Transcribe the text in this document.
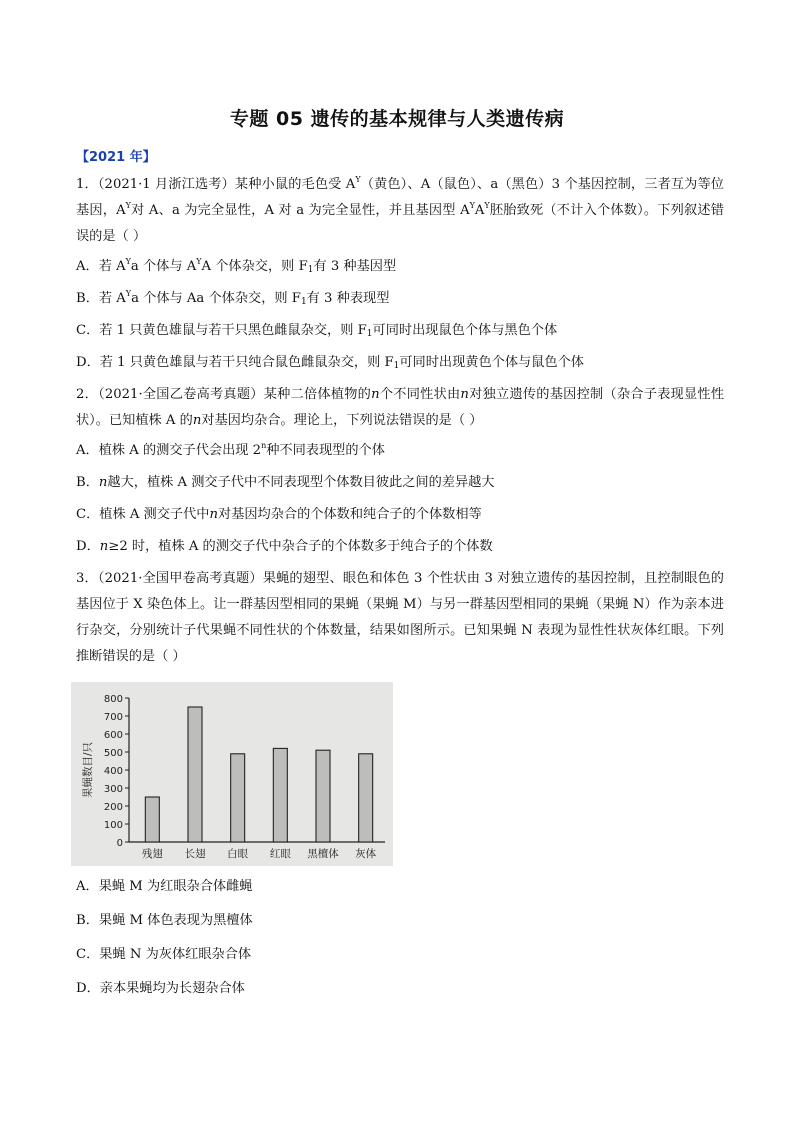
专题 05 遗传的基本规律与人类遗传病
【2021 年】

1．（2021·1 月浙江选考）某种小鼠的毛色受 $A^Y$（黄色）、A（鼠色）、a（黑色）3 个基因控制，三者互为等位基因，$A^Y$对 A、a 为完全显性，A 对 a 为完全显性，并且基因型 $A^YA^Y$胚胎致死（不计入个体数）。下列叙述错误的是（ ）

A．若 $A^Ya$ 个体与 $A^YA$ 个体杂交，则 $F_1$有 3 种基因型

B．若 $A^Ya$ 个体与 Aa 个体杂交，则 $F_1$有 3 种表现型

C．若 1 只黄色雄鼠与若干只黑色雌鼠杂交，则 $F_1$可同时出现鼠色个体与黑色个体

D．若 1 只黄色雄鼠与若干只纯合鼠色雌鼠杂交，则 $F_1$可同时出现黄色个体与鼠色个体

2．（2021·全国乙卷高考真题）某种二倍体植物的n个不同性状由n对独立遗传的基因控制（杂合子表现显性性状）。已知植株 A 的n对基因均杂合。理论上，下列说法错误的是（ ）

A．植株 A 的测交子代会出现 2$^n$种不同表现型的个体

B．n越大，植株 A 测交子代中不同表现型个体数目彼此之间的差异越大

C．植株 A 测交子代中n对基因均杂合的个体数和纯合子的个体数相等

D．n≥2 时，植株 A 的测交子代中杂合子的个体数多于纯合子的个体数

3．（2021·全国甲卷高考真题）果蝇的翅型、眼色和体色 3 个性状由 3 对独立遗传的基因控制，且控制眼色的基因位于 X 染色体上。让一群基因型相同的果蝇（果蝇 M）与另一群基因型相同的果蝇（果蝇 N）作为亲本进行杂交，分别统计子代果蝇不同性状的个体数量，结果如图所示。已知果蝇 N 表现为显性性状灰体红眼。下列推断错误的是（ ）

0
100
200
300
400
500
600
700
800
果蝇数目/只
残翅 长翅 白眼 红眼 黑檀体 灰体

A．果蝇 M 为红眼杂合体雌蝇

B．果蝇 M 体色表现为黑檀体

C．果蝇 N 为灰体红眼杂合体

D．亲本果蝇均为长翅杂合体
